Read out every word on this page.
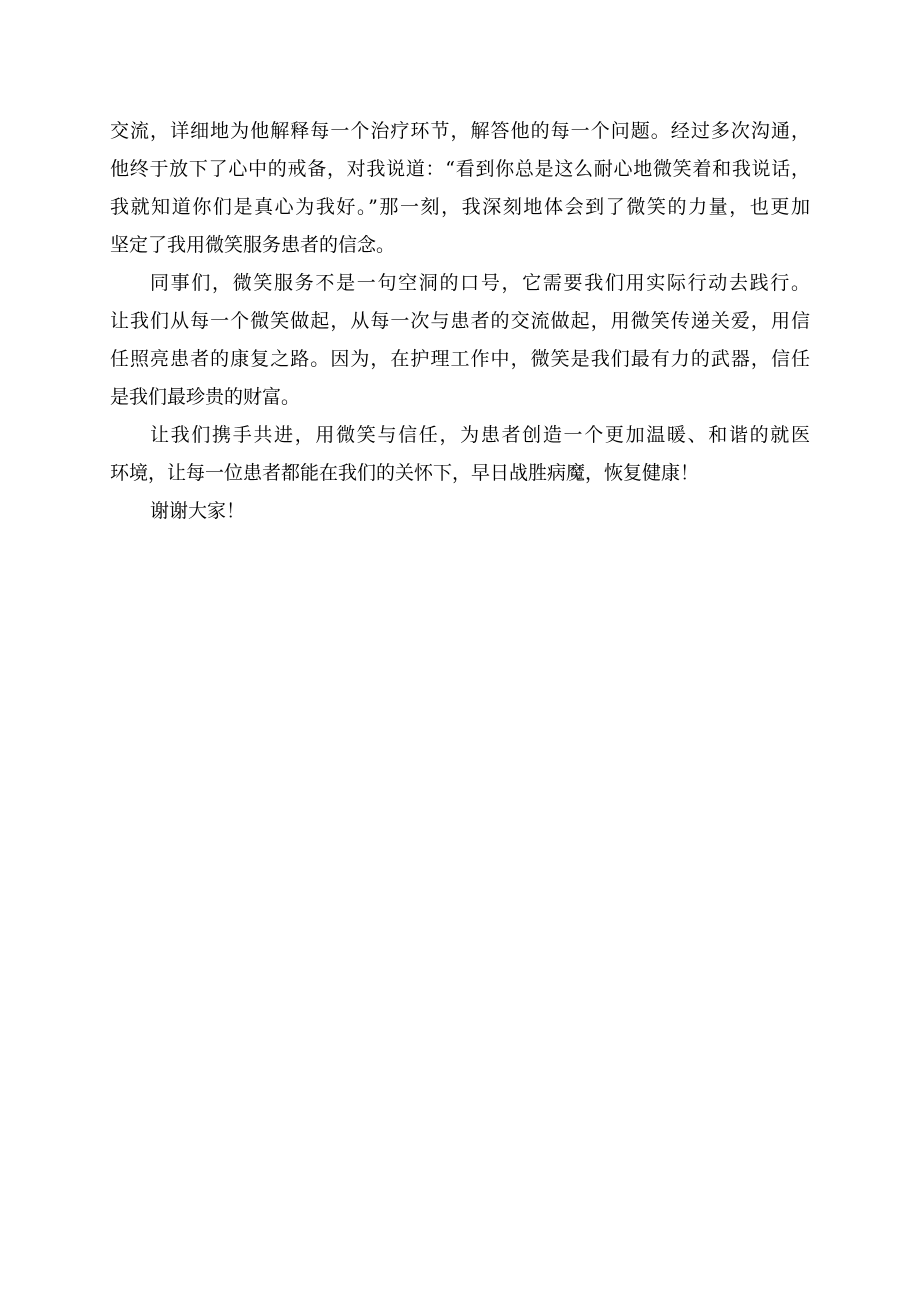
交流，详细地为他解释每一个治疗环节，解答他的每一个问题。经过多次沟通，
他终于放下了心中的戒备，对我说道：“看到你总是这么耐心地微笑着和我说话，
我就知道你们是真心为我好。”那一刻，我深刻地体会到了微笑的力量，也更加
坚定了我用微笑服务患者的信念。
同事们，微笑服务不是一句空洞的口号，它需要我们用实际行动去践行。
让我们从每一个微笑做起，从每一次与患者的交流做起，用微笑传递关爱，用信
任照亮患者的康复之路。因为，在护理工作中，微笑是我们最有力的武器，信任
是我们最珍贵的财富。
让我们携手共进，用微笑与信任，为患者创造一个更加温暖、和谐的就医
环境，让每一位患者都能在我们的关怀下，早日战胜病魔，恢复健康！
谢谢大家！
